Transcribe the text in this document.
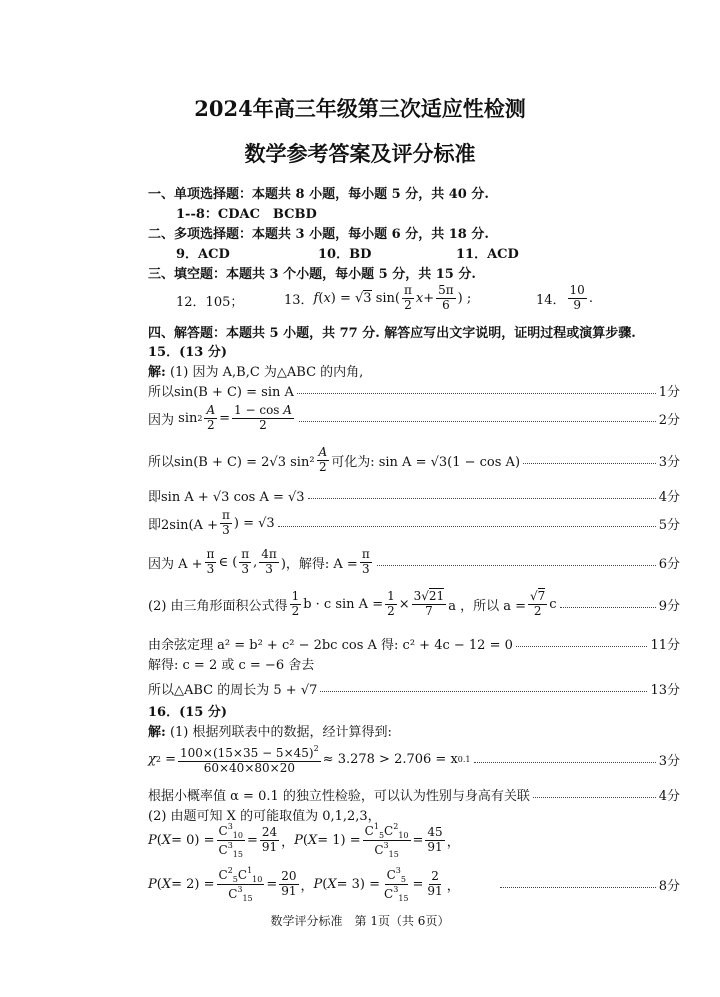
2024年高三年级第三次适应性检测
数学参考答案及评分标准
一、单项选择题：本题共 8 小题，每小题 5 分，共 40 分.
1--8：CDAC　BCBD
二、多项选择题：本题共 3 小题，每小题 6 分，共 18 分.
9．ACD	10．BD	11．ACD
三、填空题：本题共 3 个小题，每小题 5 分，共 15 分.
12．105；	13． f ( x ) = √ 3 $\sin( \frac{\pi}{2}$ $x + \frac{5\pi}{6}$ ) ;	14． $\frac{10}{9}$ .
四、解答题：本题共 5 小题，共 77 分. 解答应写出文字说明，证明过程或演算步骤.
15．(13 分)
解: (1) 因为 A,B,C 为△ABC 的内角,
所以sin(B + C) = sin A	1分
因为 $\sin 2 \frac{A}{2} = \frac{\text{1 − cos A}}{2}$	2分
所以sin(B + C) = 2√3 $\sin^2 \frac{A}{2}$ 可化为: sin A = √3(1 − cos A)	3分
即sin A + √3 cos A = √3	4分
即$2\sin(A + \frac{\pi}{3}$ ) = √3	5分
因为 $A + \frac{\pi}{3}$ ∈ ( $\frac{\pi}{3}$ , $\frac{4\pi}{3}$ )，解得: $A = \frac{\pi}{3}$	6分
(2) 由三角形面积公式得 $\frac{1}{2}$ b · c $\sin A = \frac{1}{2} \times \frac{3√21}{7}$ a ，所以 $a = \frac{√7}{2}$ c	9分
由余弦定理 a² = b² + c² − 2bc cos A 得: c² + 4c − 12 = 0	11分
解得: c = 2 或 c = −6 舍去
所以△ABC 的周长为 5 + √7	13分
16．(15 分)
解: (1) 根据列联表中的数据，经计算得到:
χ $2 = \frac{100\times(15\times 35 - 5\times 45)^2}{60\times 40\times 80\times 20} \approx 3.278 > 2.706 = x$ 0.1	3分
根据小概率值 α = 0.1 的独立性检验，可以认为性别与身高有关联	4分
(2) 由题可知 X 的可能取值为 0,1,2,3，
P ( $X = 0) = \frac{C^3_{10}}{C^3_{15}} = \frac{24}{91}$ ， P ( $X = 1) = \frac{C^1_5C^2_{10}}{C^3_{15}} = \frac{45}{91}$ ，
P ( $X = 2) = \frac{C^2_5C^1_{10}}{C^3_{15}} = \frac{20}{91}$ ， P ( $X = 3) = \frac{C^3_5}{C^3_{15}} = \frac{2}{91}$ ，	8分
数学评分标准　第 1页（共 6页）
